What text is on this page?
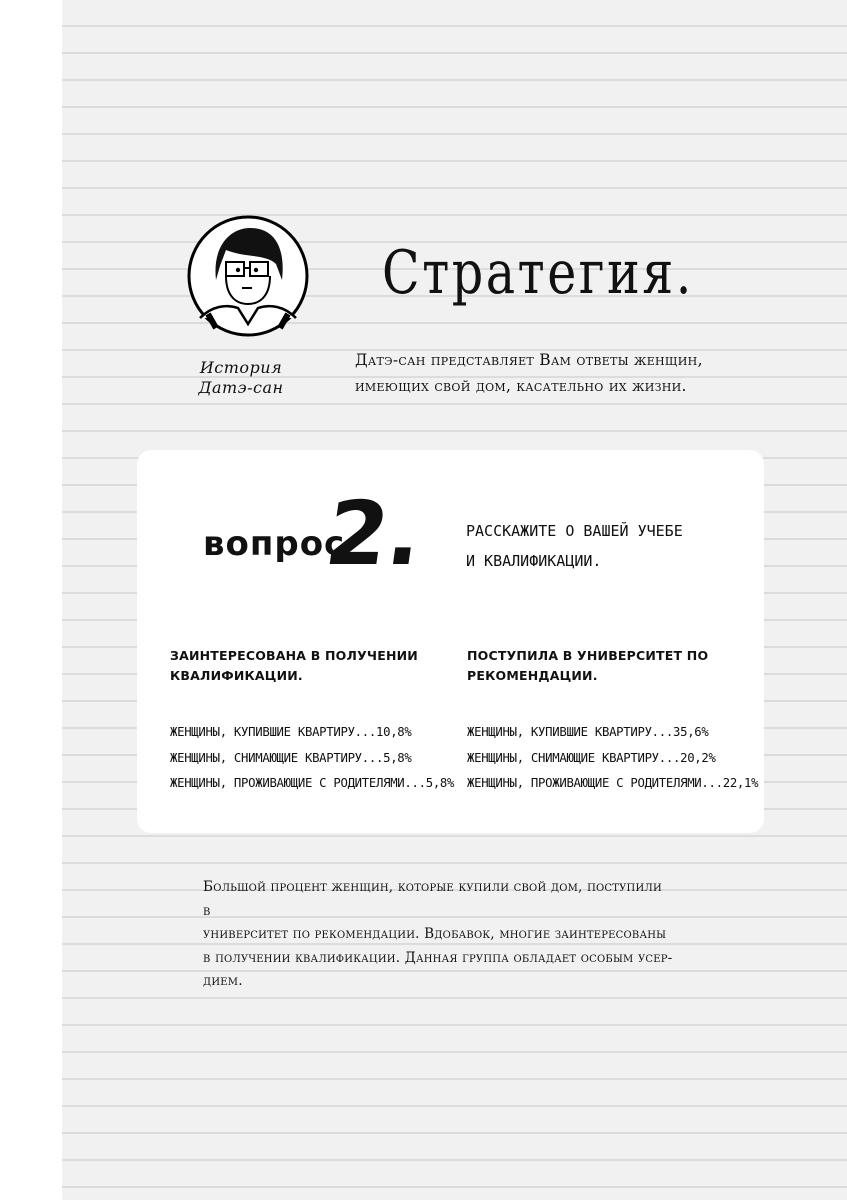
История
Датэ-сан
Стратегия.
Датэ-сан представляет Вам ответы женщин,
имеющих свой дом, касательно их жизни.
вопрос
2. РАССКАЖИТЕ О ВАШЕЙ УЧЕБЕ
И КВАЛИФИКАЦИИ.
ЗАИНТЕРЕСОВАНА В ПОЛУЧЕНИИ
КВАЛИФИКАЦИИ.
ЖЕНЩИНЫ, КУПИВШИЕ КВАРТИРУ...10,8%
ЖЕНЩИНЫ, СНИМАЮЩИЕ КВАРТИРУ...5,8%
ЖЕНЩИНЫ, ПРОЖИВАЮЩИЕ С РОДИТЕЛЯМИ...5,8%
ПОСТУПИЛА В УНИВЕРСИТЕТ ПО
РЕКОМЕНДАЦИИ.
ЖЕНЩИНЫ, КУПИВШИЕ КВАРТИРУ...35,6%
ЖЕНЩИНЫ, СНИМАЮЩИЕ КВАРТИРУ...20,2%
ЖЕНЩИНЫ, ПРОЖИВАЮЩИЕ С РОДИТЕЛЯМИ...22,1%
Большой процент женщин, которые купили свой дом, поступили в
университет по рекомендации. Вдобавок, многие заинтересованы
в получении квалификации. Данная группа обладает особым усер-
дием.
